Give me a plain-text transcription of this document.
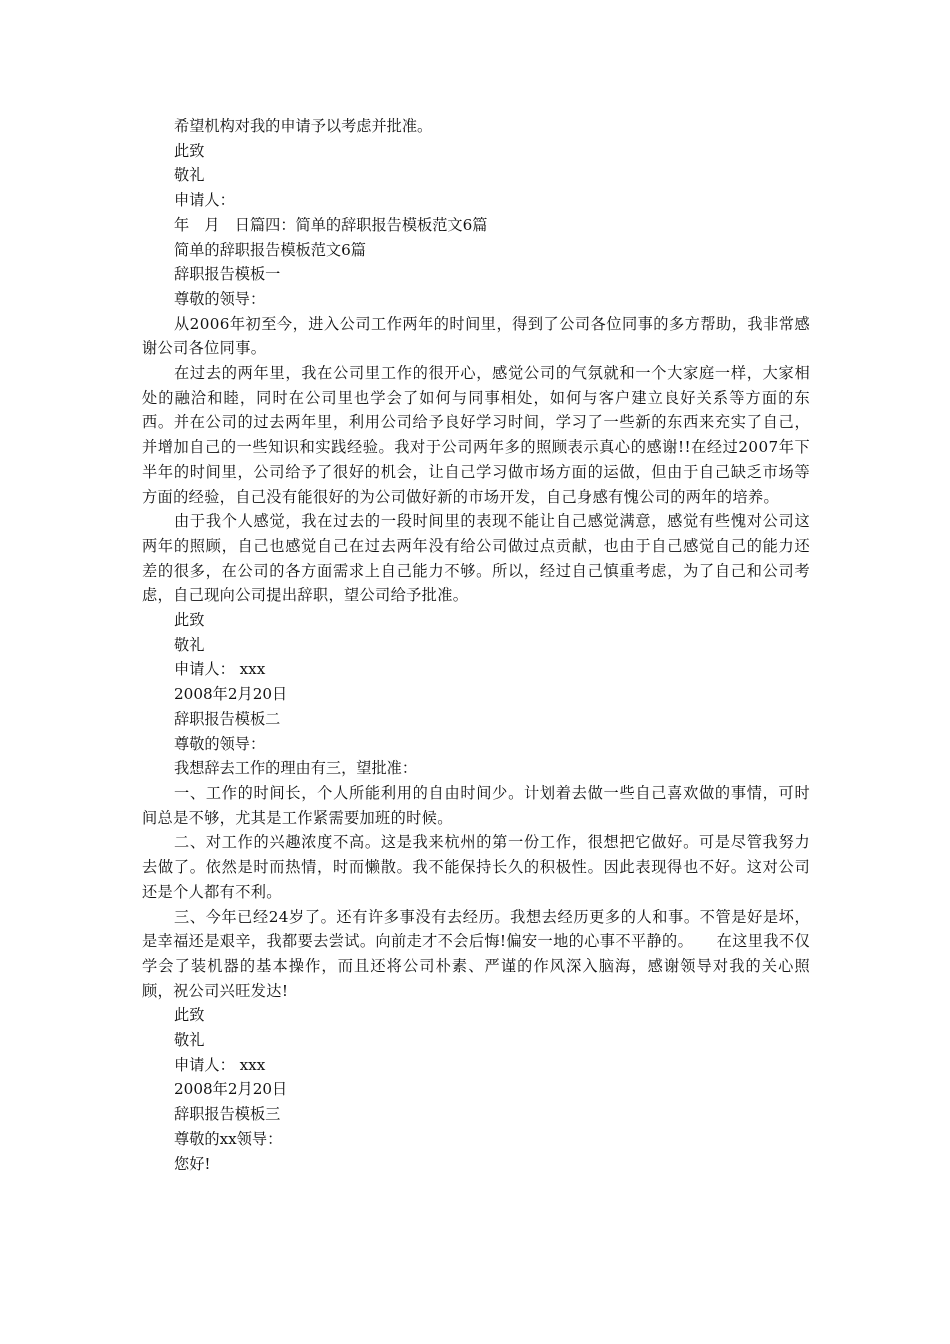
希望机构对我的申请予以考虑并批准。

此致

敬礼

申请人：

年　月　日篇四：简单的辞职报告模板范文6篇

简单的辞职报告模板范文6篇

辞职报告模板一

尊敬的领导：

从2006年初至今，进入公司工作两年的时间里，得到了公司各位同事的多方帮助，我非常感谢公司各位同事。

在过去的两年里，我在公司里工作的很开心，感觉公司的气氛就和一个大家庭一样，大家相处的融洽和睦，同时在公司里也学会了如何与同事相处，如何与客户建立良好关系等方面的东西。并在公司的过去两年里，利用公司给予良好学习时间，学习了一些新的东西来充实了自己，并增加自己的一些知识和实践经验。我对于公司两年多的照顾表示真心的感谢!!在经过2007年下半年的时间里，公司给予了很好的机会，让自己学习做市场方面的运做，但由于自己缺乏市场等方面的经验，自己没有能很好的为公司做好新的市场开发，自己身感有愧公司的两年的培养。

由于我个人感觉，我在过去的一段时间里的表现不能让自己感觉满意，感觉有些愧对公司这两年的照顾，自己也感觉自己在过去两年没有给公司做过点贡献，也由于自己感觉自己的能力还差的很多，在公司的各方面需求上自己能力不够。所以，经过自己慎重考虑，为了自己和公司考虑，自己现向公司提出辞职，望公司给予批准。

此致

敬礼

申请人： xxx

2008年2月20日

辞职报告模板二

尊敬的领导：

我想辞去工作的理由有三，望批准：

一、工作的时间长，个人所能利用的自由时间少。计划着去做一些自己喜欢做的事情，可时间总是不够，尤其是工作紧需要加班的时候。

二、对工作的兴趣浓度不高。这是我来杭州的第一份工作，很想把它做好。可是尽管我努力去做了。依然是时而热情，时而懒散。我不能保持长久的积极性。因此表现得也不好。这对公司还是个人都有不利。

三、今年已经24岁了。还有许多事没有去经历。我想去经历更多的人和事。不管是好是坏，是幸福还是艰辛，我都要去尝试。向前走才不会后悔!偏安一地的心事不平静的。　　在这里我不仅学会了装机器的基本操作，而且还将公司朴素、严谨的作风深入脑海，感谢领导对我的关心照顾，祝公司兴旺发达!

此致

敬礼

申请人： xxx

2008年2月20日

辞职报告模板三

尊敬的xx领导：

您好!
